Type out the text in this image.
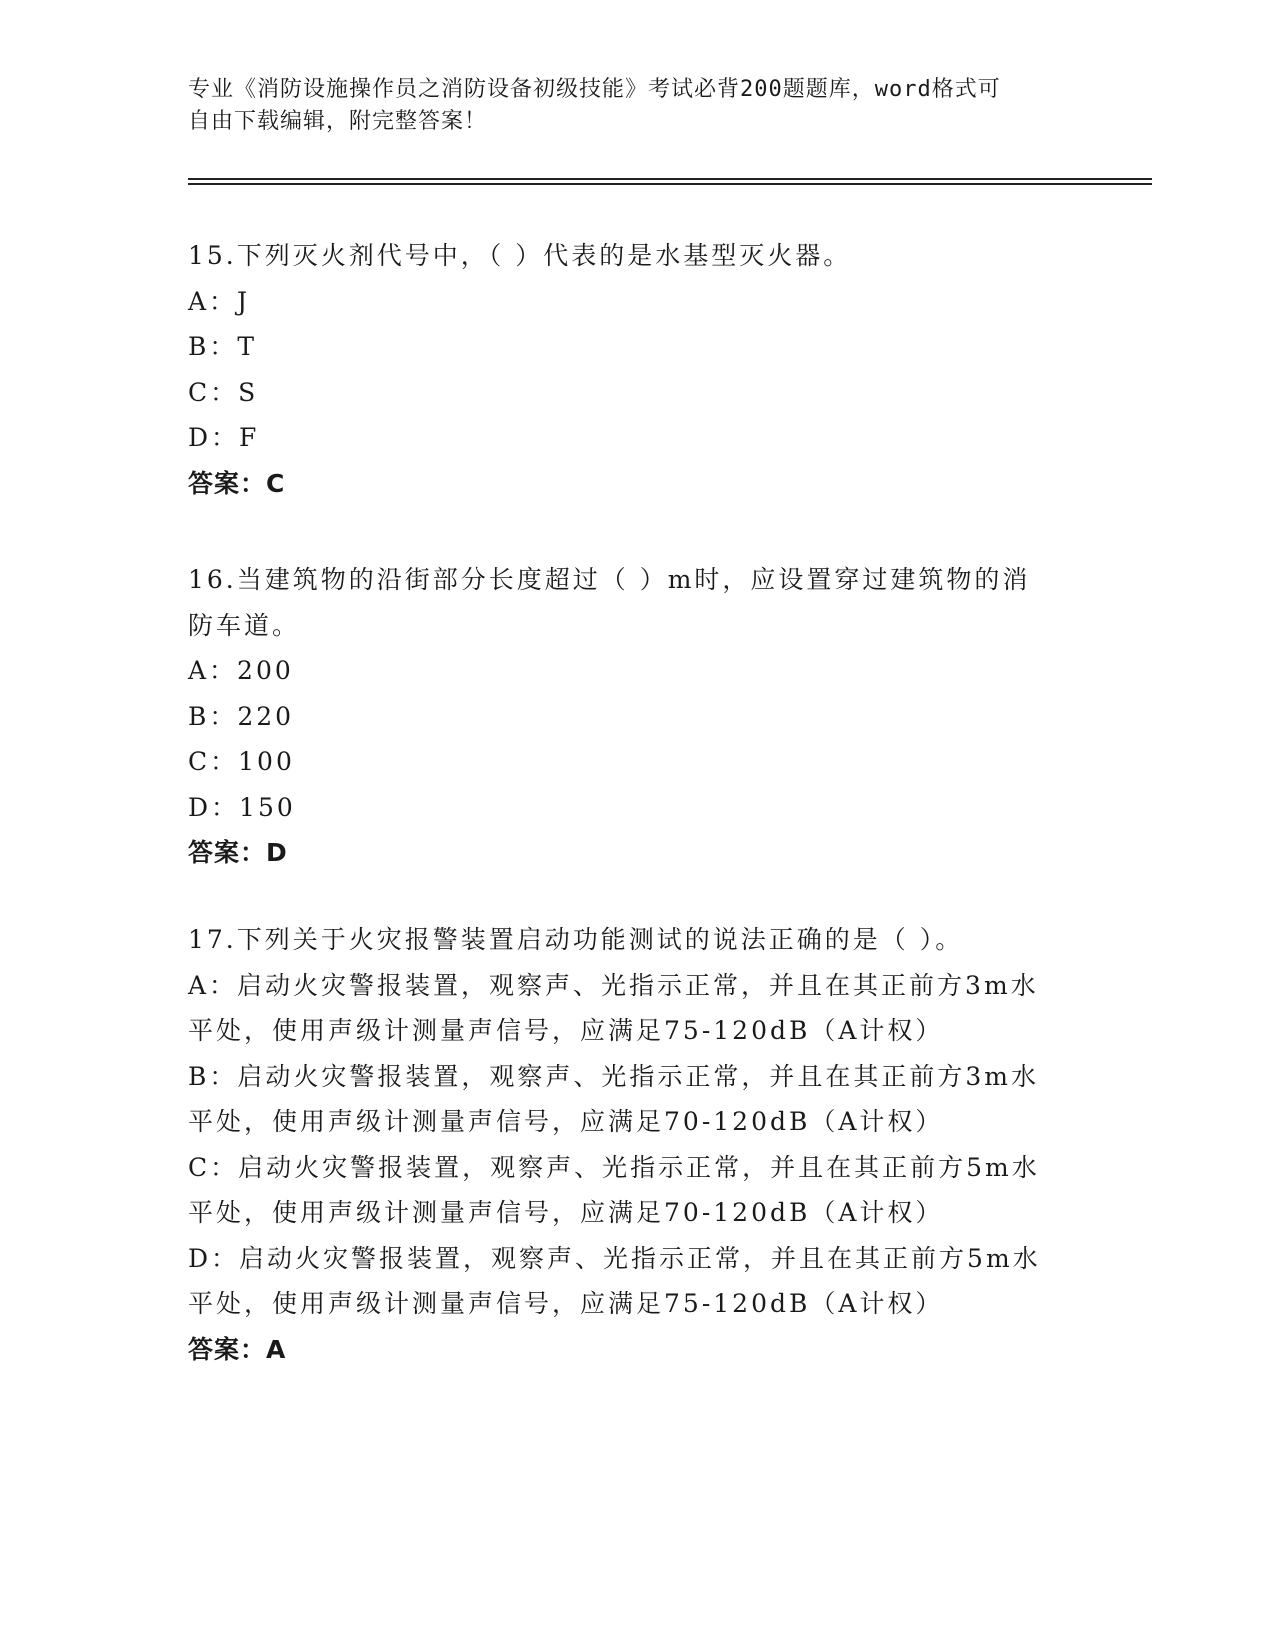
专业《消防设施操作员之消防设备初级技能》考试必背200题题库，word格式可
自由下载编辑，附完整答案！
15.下列灭火剂代号中，（ ）代表的是水基型灭火器。
A：J
B：T
C：S
D：F
答案：C
16.当建筑物的沿街部分长度超过（ ）m时，应设置穿过建筑物的消
防车道。
A：200
B：220
C：100
D：150
答案：D
17.下列关于火灾报警装置启动功能测试的说法正确的是（ ）。
A：启动火灾警报装置，观察声、光指示正常，并且在其正前方3m水
平处，使用声级计测量声信号，应满足75-120dB（A计权）
B：启动火灾警报装置，观察声、光指示正常，并且在其正前方3m水
平处，使用声级计测量声信号，应满足70-120dB（A计权）
C：启动火灾警报装置，观察声、光指示正常，并且在其正前方5m水
平处，使用声级计测量声信号，应满足70-120dB（A计权）
D：启动火灾警报装置，观察声、光指示正常，并且在其正前方5m水
平处，使用声级计测量声信号，应满足75-120dB（A计权）
答案：A
